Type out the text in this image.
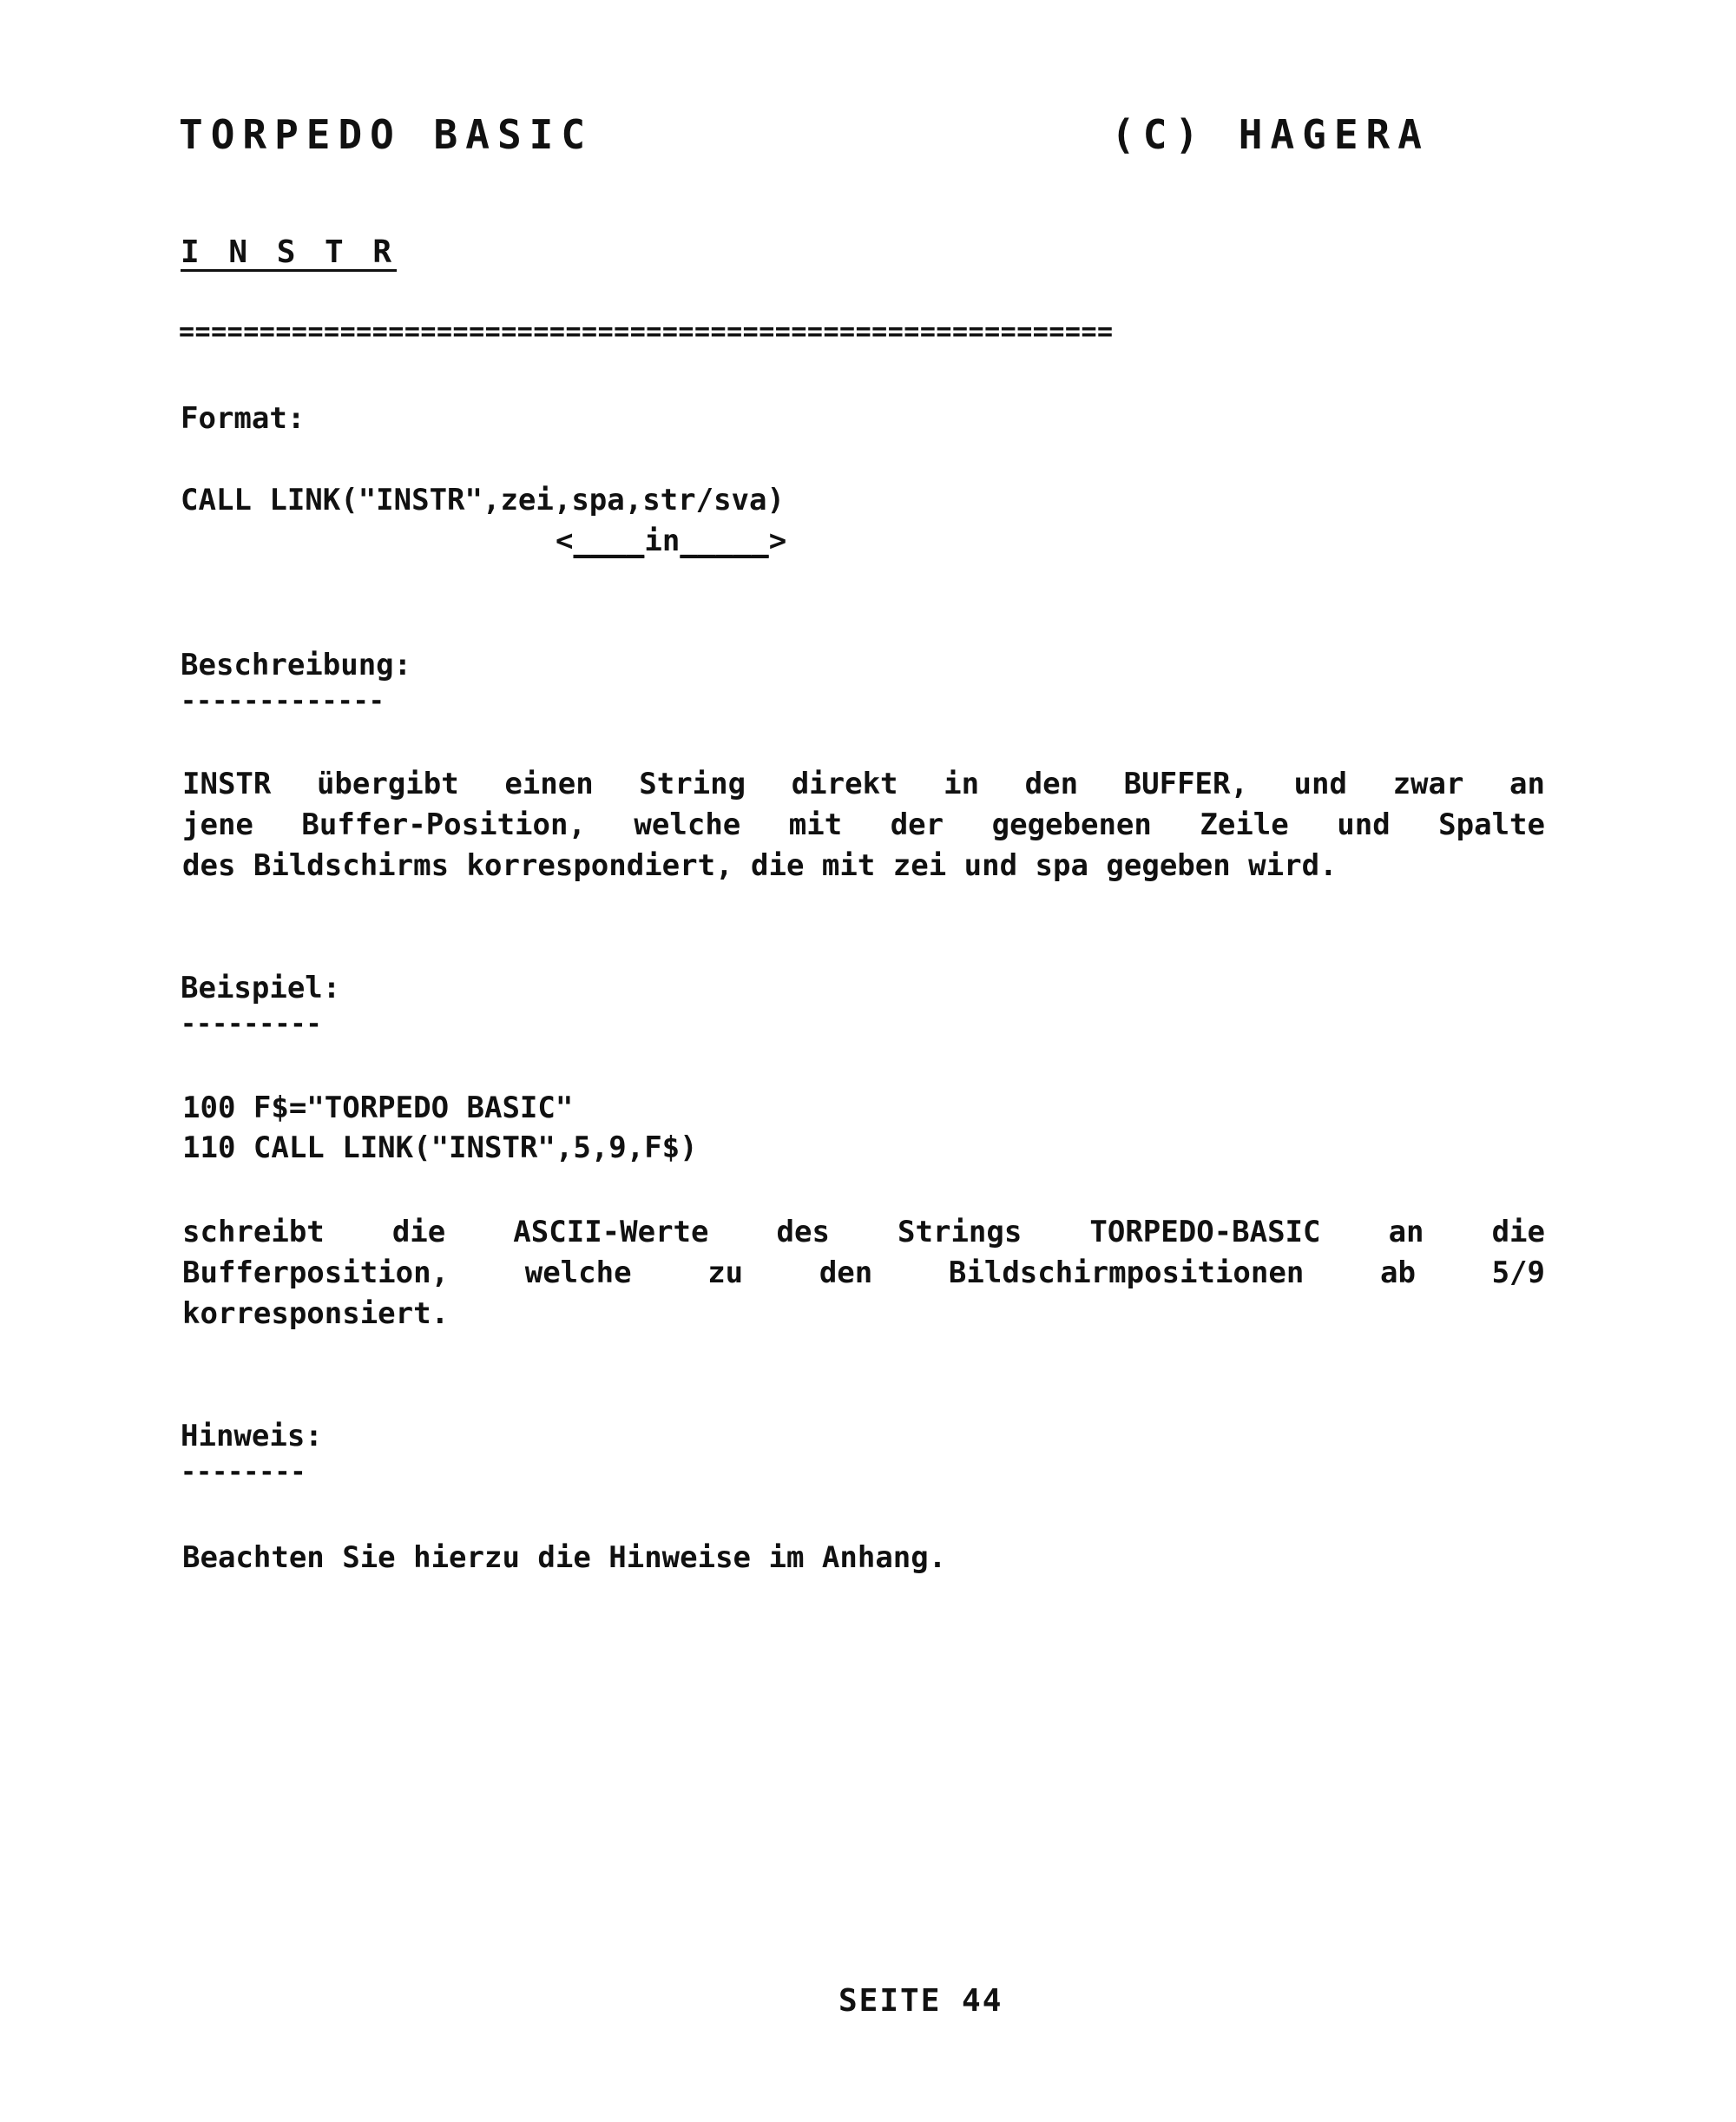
TORPEDO BASIC	(C) HAGERA
I N S T R
==========================================================
Format:
CALL LINK("INSTR",zei,spa,str/sva)
<____in_____>
Beschreibung:
-------------
INSTR übergibt einen String direkt in den BUFFER, und zwar an
jene Buffer-Position, welche mit der gegebenen Zeile und Spalte
des Bildschirms korrespondiert, die mit zei und spa gegeben wird.
Beispiel:
---------
100 F$="TORPEDO BASIC"
110 CALL LINK("INSTR",5,9,F$)
schreibt die ASCII-Werte des Strings TORPEDO-BASIC an die
Bufferposition, welche zu den Bildschirmpositionen ab 5/9
korresponsiert.
Hinweis:
--------
Beachten Sie hierzu die Hinweise im Anhang.
SEITE 44
